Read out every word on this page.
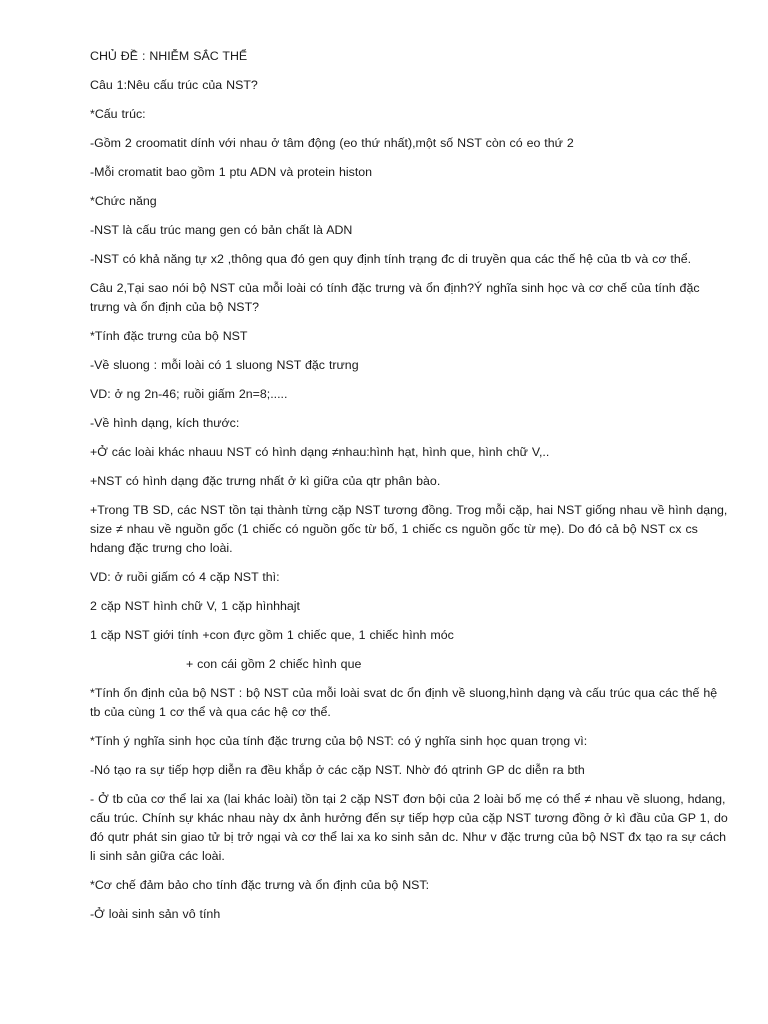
CHỦ ĐỀ : NHIỄM SẮC THỂ

Câu 1:Nêu cấu trúc của NST?

*Cấu trúc:

-Gồm 2 croomatit dính với nhau ở tâm động (eo thứ nhất),một số NST còn có eo thứ 2

-Mỗi cromatit bao gồm 1 ptu ADN và protein histon

*Chức năng

-NST là cấu trúc mang gen có bản chất là ADN

-NST có khả năng tự x2 ,thông qua đó gen quy định tính trạng đc di truyền qua các thế hệ của tb và cơ thể.

Câu 2,Tại sao nói bộ NST của mỗi loài có tính đặc trưng và ổn định?Ý nghĩa sinh học và cơ chế của tính đặc trưng và ổn định của bộ NST?

*Tính đặc trưng của bộ NST

-Về sluong : mỗi loài có 1 sluong NST đặc trưng

VD: ở ng 2n-46; ruồi giấm 2n=8;.....

-Về hình dạng, kích thước:

+Ở các loài khác nhauu NST có hình dạng ≠nhau:hình hạt, hình que, hình chữ V,..

+NST có hình dạng đặc trưng nhất ở kì giữa của qtr phân bào.

+Trong TB SD, các NST tồn tại thành từng cặp NST tương đồng. Trog mỗi cặp, hai NST giống nhau về hình dạng, size ≠ nhau về nguồn gốc (1 chiếc có nguồn gốc từ bố, 1 chiếc cs nguồn gốc từ mẹ). Do đó cả bộ NST cx cs hdang đặc trưng cho loài.

VD: ở ruồi giấm có 4 cặp NST thì:

2 cặp NST hình chữ V, 1 cặp hìnhhajt

1 cặp NST giới tính +con đực gồm 1 chiếc que, 1 chiếc hình móc

+ con cái gồm 2 chiếc hình que

*Tính ổn định của bộ NST : bộ NST của mỗi loài svat dc ổn định về sluong,hình dạng và cấu trúc qua các thế hệ tb của cùng 1 cơ thể và qua các hệ cơ thể.

*Tính ý nghĩa sinh học của tính đặc trưng của bộ NST: có ý nghĩa sinh học quan trọng vì:

-Nó tạo ra sự tiếp hợp diễn ra đều khắp ở các cặp NST. Nhờ đó qtrinh GP dc diễn ra bth

- Ở tb của cơ thể lai xa (lai khác loài) tồn tại 2 cặp NST đơn bội của 2 loài bố mẹ có thể ≠ nhau về sluong, hdang, cấu trúc. Chính sự khác nhau này dx ảnh hưởng đến sự tiếp hợp của cặp NST tương đồng ở kì đầu của GP 1, do đó qutr phát sin giao tử bị trở ngại và cơ thể lai xa ko sinh sản dc. Như v đặc trưng của bộ NST đx tạo ra sự cách li sinh sản giữa các loài.

*Cơ chế đảm bảo cho tính đặc trưng và ổn định của bộ NST:

-Ở loài sinh sản vô tính
